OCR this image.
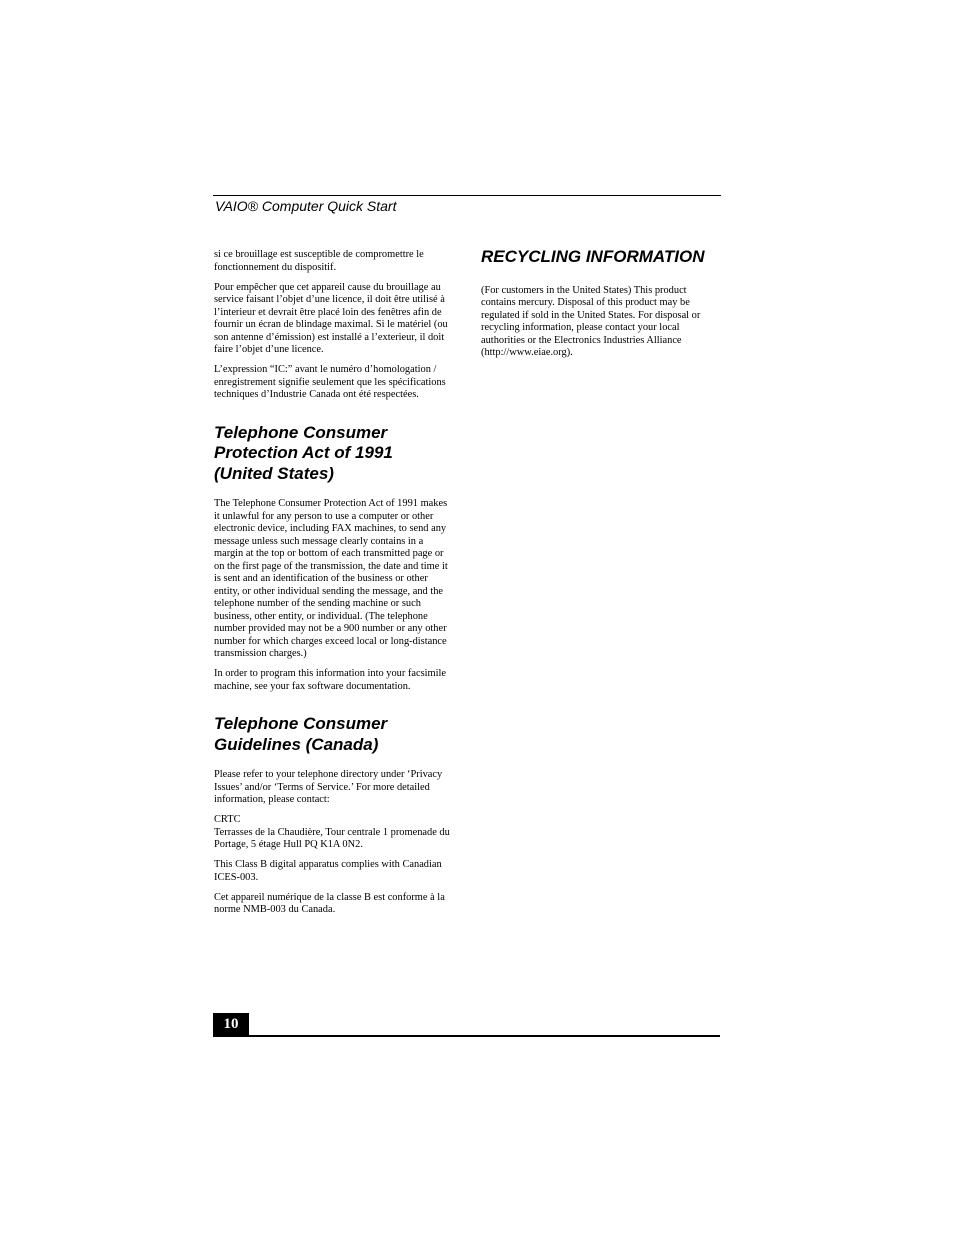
VAIO® Computer Quick Start

si ce brouillage est susceptible de compromettre le fonctionnement du dispositif.

Pour empêcher que cet appareil cause du brouillage au service faisant l’objet d’une licence, il doit être utilisé à l’interieur et devrait être placé loin des fenêtres afin de fournir un écran de blindage maximal. Si le matériel (ou son antenne d’émission) est installé a l’exterieur, il doit faire l’objet d’une licence.

L’expression “IC:” avant le numéro d’homologation / enregistrement signifie seulement que les spécifications techniques d’Industrie Canada ont été respectées.

Telephone Consumer Protection Act of 1991 (United States)

The Telephone Consumer Protection Act of 1991 makes it unlawful for any person to use a computer or other electronic device, including FAX machines, to send any message unless such message clearly contains in a margin at the top or bottom of each transmitted page or on the first page of the transmission, the date and time it is sent and an identification of the business or other entity, or other individual sending the message, and the telephone number of the sending machine or such business, other entity, or individual. (The telephone number provided may not be a 900 number or any other number for which charges exceed local or long-distance transmission charges.)

In order to program this information into your facsimile machine, see your fax software documentation.

Telephone Consumer Guidelines (Canada)

Please refer to your telephone directory under ‘Privacy Issues’ and/or ‘Terms of Service.’ For more detailed information, please contact:

CRTC
Terrasses de la Chaudière, Tour centrale 1 promenade du Portage, 5 étage Hull PQ K1A 0N2.

This Class B digital apparatus complies with Canadian ICES-003.

Cet appareil numérique de la classe B est conforme à la norme NMB-003 du Canada.

RECYCLING INFORMATION

(For customers in the United States) This product contains mercury. Disposal of this product may be regulated if sold in the United States. For disposal or recycling information, please contact your local authorities or the Electronics Industries Alliance (http://www.eiae.org).

10
